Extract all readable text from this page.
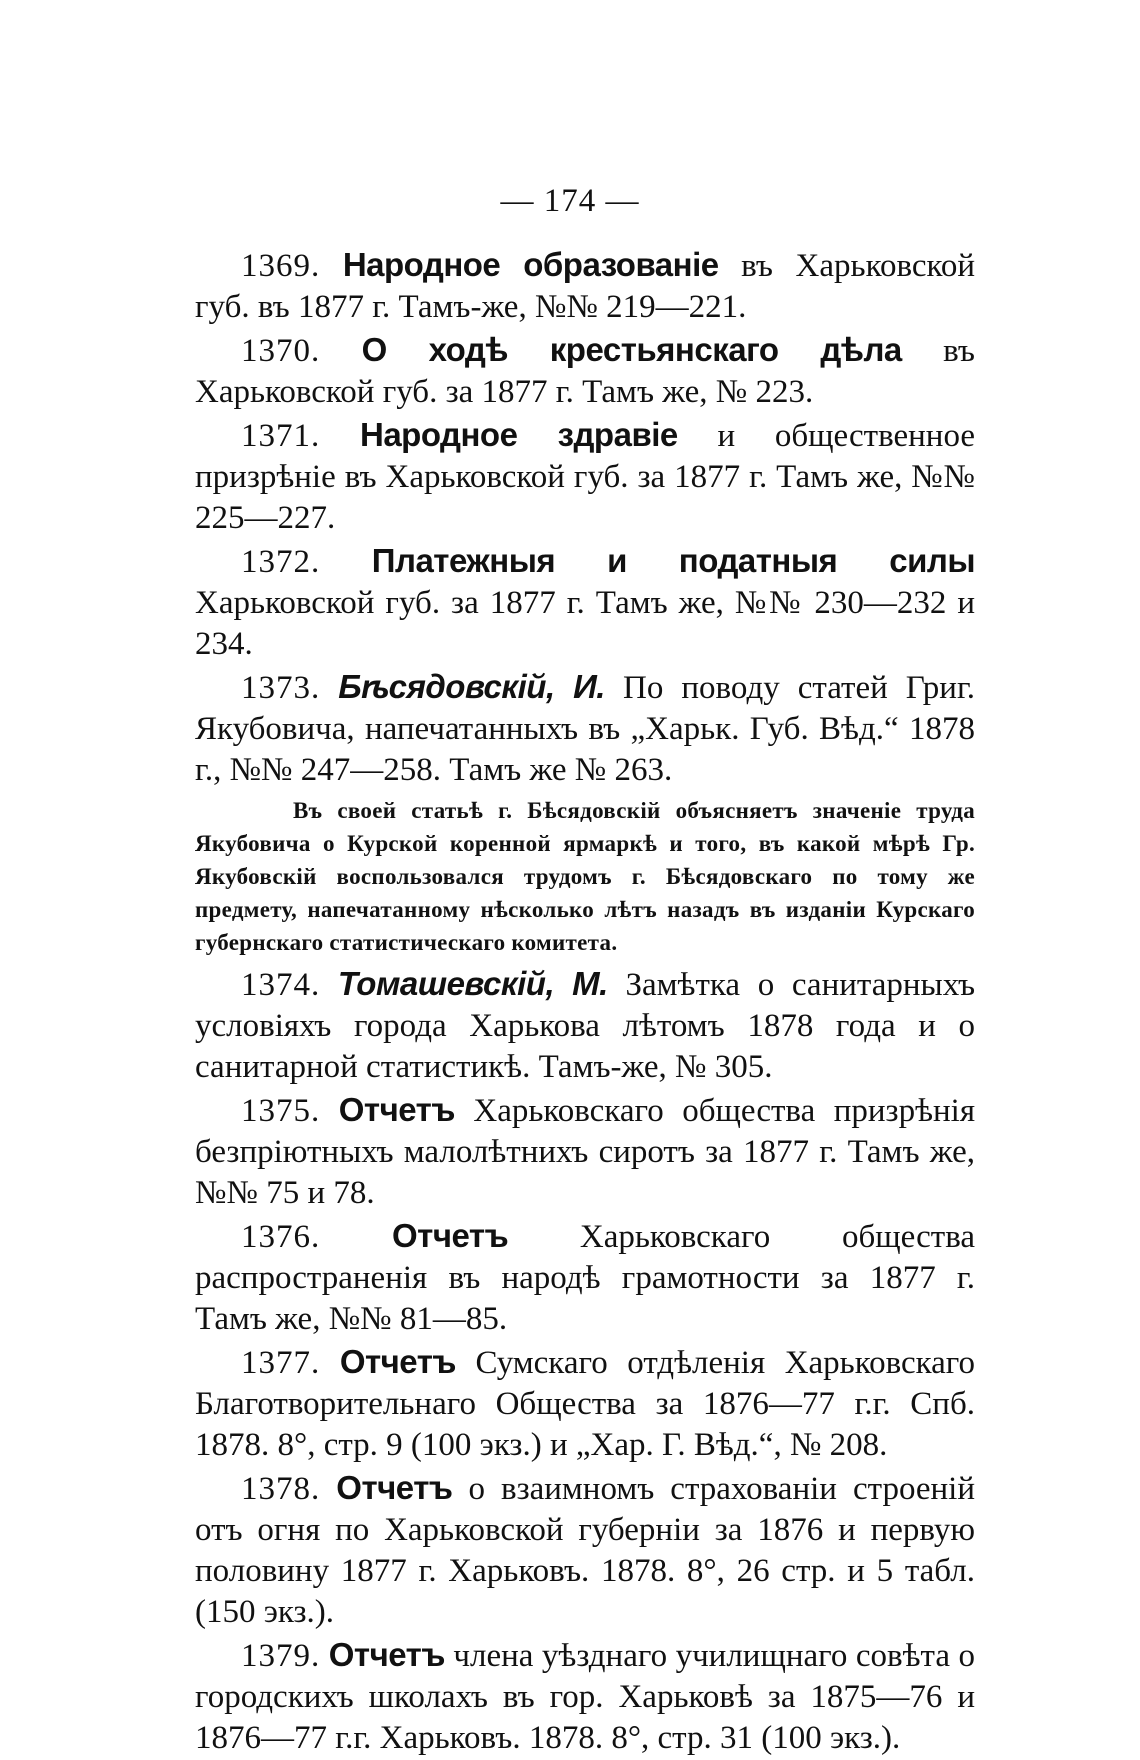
— 174 —

1369. Народное образованіе въ Харьковской губ. въ 1877 г. Тамъ-же, №№ 219—221.

1370. О ходѣ крестьянскаго дѣла въ Харьковской губ. за 1877 г. Тамъ же, № 223.

1371. Народное здравіе и общественное призрѣніе въ Харьковской губ. за 1877 г. Тамъ же, №№ 225—227.

1372. Платежныя и податныя силы Харьковской губ. за 1877 г. Тамъ же, №№ 230—232 и 234.

1373. Бѣсядовскій, И. По поводу статей Григ. Якубовича, напечатанныхъ въ „Харьк. Губ. Вѣд.“ 1878 г., №№ 247—258. Тамъ же № 263.

Въ своей статьѣ г. Бѣсядовскій объясняетъ значеніе труда Якубовича о Курской коренной ярмаркѣ и того, въ какой мѣрѣ Гр. Якубовскій воспользовался трудомъ г. Бѣсядовскаго по тому же предмету, напечатанному нѣсколько лѣтъ назадъ въ изданіи Курскаго губернскаго статистическаго комитета.

1374. Томашевскій, М. Замѣтка о санитарныхъ условіяхъ города Харькова лѣтомъ 1878 года и о санитарной статистикѣ. Тамъ-же, № 305.

1375. Отчетъ Харьковскаго общества призрѣнія безпріютныхъ малолѣтнихъ сиротъ за 1877 г. Тамъ же, №№ 75 и 78.

1376. Отчетъ Харьковскаго общества распространенія въ народѣ грамотности за 1877 г. Тамъ же, №№ 81—85.

1377. Отчетъ Сумскаго отдѣленія Харьковскаго Благотворительнаго Общества за 1876—77 г.г. Спб. 1878. 8°, стр. 9 (100 экз.) и „Хар. Г. Вѣд.“, № 208.

1378. Отчетъ о взаимномъ страхованіи строеній отъ огня по Харьковской губерніи за 1876 и первую половину 1877 г. Харьковъ. 1878. 8°, 26 стр. и 5 табл. (150 экз.).

1379. Отчетъ члена уѣзднаго училищнаго совѣта о городскихъ школахъ въ гор. Харьковѣ за 1875—76 и 1876—77 г.г. Харьковъ. 1878. 8°, стр. 31 (100 экз.).
